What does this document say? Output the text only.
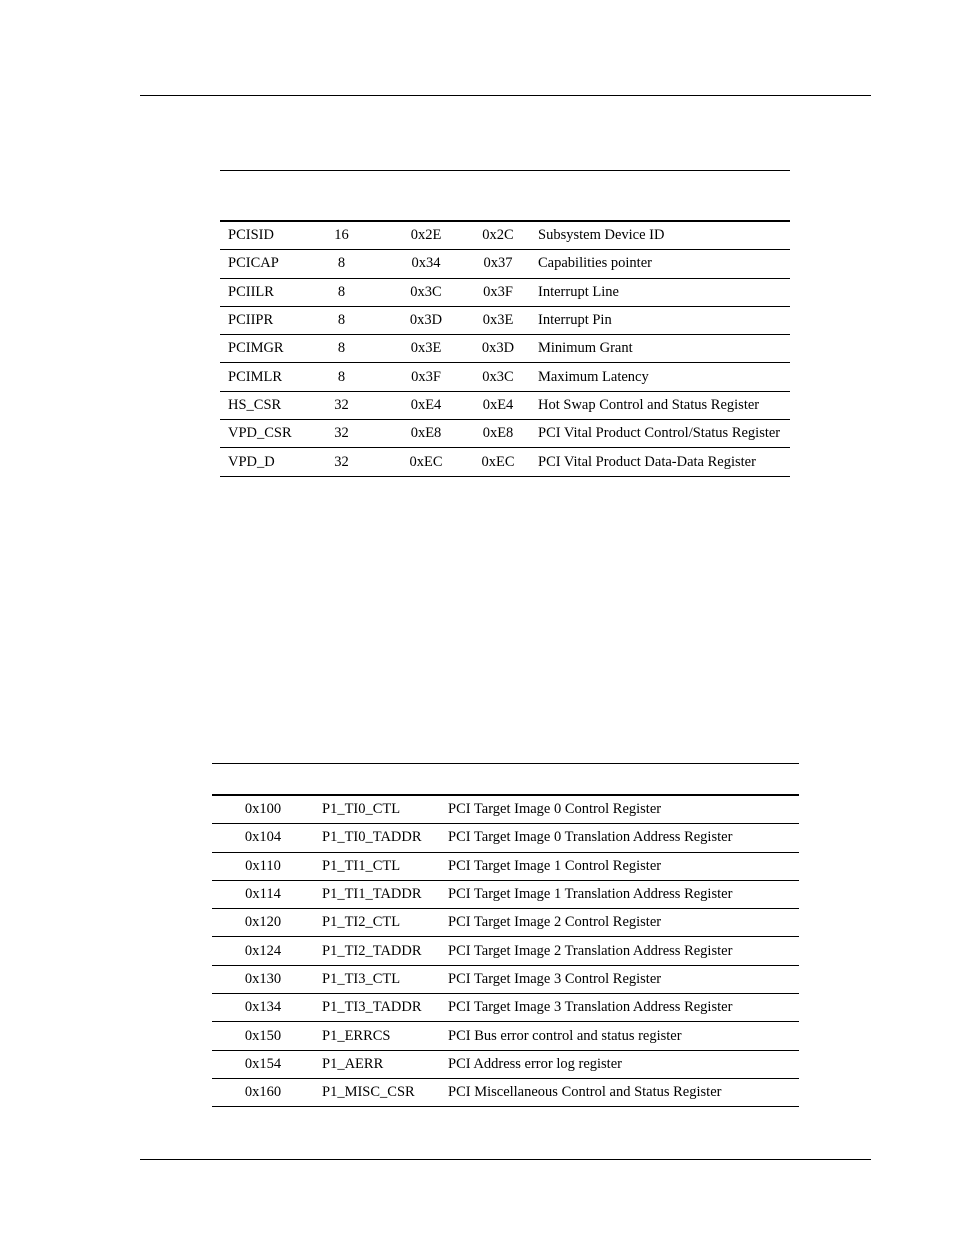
PCISID	16	0x2E	0x2C	Subsystem Device ID
PCICAP	8	0x34	0x37	Capabilities pointer
PCIILR	8	0x3C	0x3F	Interrupt Line
PCIIPR	8	0x3D	0x3E	Interrupt Pin
PCIMGR	8	0x3E	0x3D	Minimum Grant
PCIMLR	8	0x3F	0x3C	Maximum Latency
HS_CSR	32	0xE4	0xE4	Hot Swap Control and Status Register
VPD_CSR	32	0xE8	0xE8	PCI Vital Product Control/Status Register
VPD_D	32	0xEC	0xEC	PCI Vital Product Data-Data Register
0x100	P1_TI0_CTL	PCI Target Image 0 Control Register
0x104	P1_TI0_TADDR	PCI Target Image 0 Translation Address Register
0x110	P1_TI1_CTL	PCI Target Image 1 Control Register
0x114	P1_TI1_TADDR	PCI Target Image 1 Translation Address Register
0x120	P1_TI2_CTL	PCI Target Image 2 Control Register
0x124	P1_TI2_TADDR	PCI Target Image 2 Translation Address Register
0x130	P1_TI3_CTL	PCI Target Image 3 Control Register
0x134	P1_TI3_TADDR	PCI Target Image 3 Translation Address Register
0x150	P1_ERRCS	PCI Bus error control and status register
0x154	P1_AERR	PCI Address error log register
0x160	P1_MISC_CSR	PCI Miscellaneous Control and Status Register
